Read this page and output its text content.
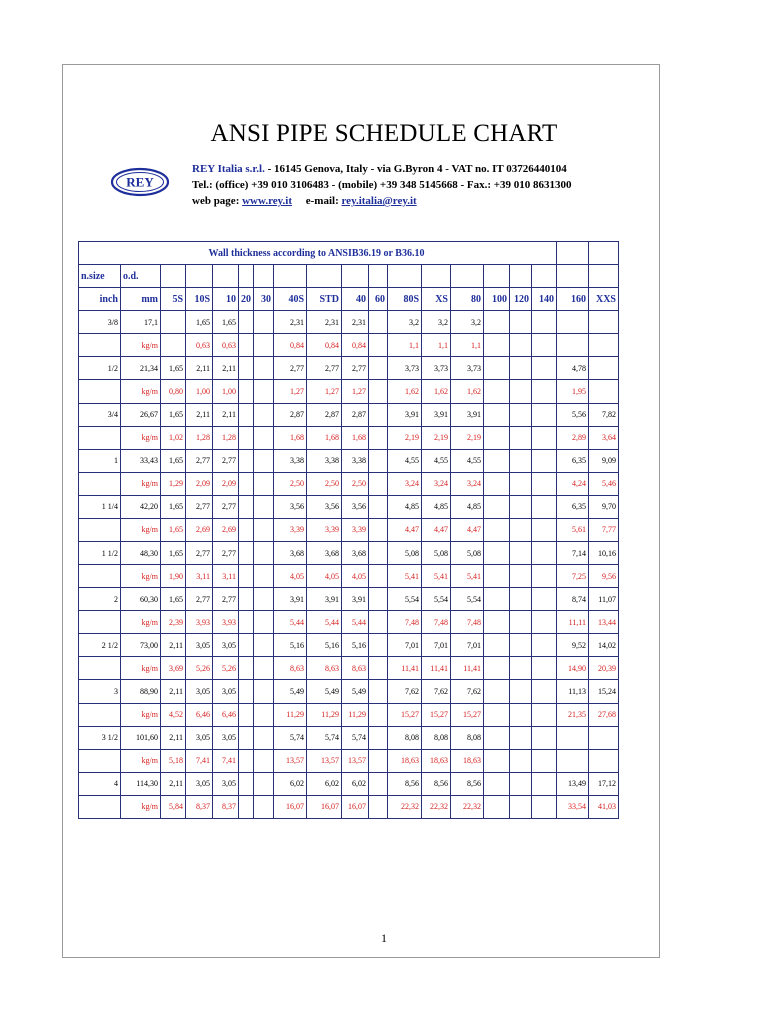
ANSI PIPE SCHEDULE CHART
REY
REY Italia s.r.l. - 16145 Genova, Italy - via G.Byron 4 - VAT no. IT 03726440104
Tel.: (office) +39 010 3106483 - (mobile) +39 348 5145668 - Fax.: +39 010 8631300
web page: www.rey.it e-mail: rey.italia@rey.it
Wall thickness according to ANSIB36.19 or B36.10																		
n.size	o.d.																	
inch	mm	5S	10S	10	20	30	40S	STD	40	60	80S	XS	80	100	120	140	160	XXS
3/8	17,1		1,65	1,65			2,31	2,31	2,31		3,2	3,2	3,2					
	kg/m		0,63	0,63			0,84	0,84	0,84		1,1	1,1	1,1					
1/2	21,34	1,65	2,11	2,11			2,77	2,77	2,77		3,73	3,73	3,73				4,78	
	kg/m	0,80	1,00	1,00			1,27	1,27	1,27		1,62	1,62	1,62				1,95	
3/4	26,67	1,65	2,11	2,11			2,87	2,87	2,87		3,91	3,91	3,91				5,56	7,82
	kg/m	1,02	1,28	1,28			1,68	1,68	1,68		2,19	2,19	2,19				2,89	3,64
1	33,43	1,65	2,77	2,77			3,38	3,38	3,38		4,55	4,55	4,55				6,35	9,09
	kg/m	1,29	2,09	2,09			2,50	2,50	2,50		3,24	3,24	3,24				4,24	5,46
1 1/4	42,20	1,65	2,77	2,77			3,56	3,56	3,56		4,85	4,85	4,85				6,35	9,70
	kg/m	1,65	2,69	2,69			3,39	3,39	3,39		4,47	4,47	4,47				5,61	7,77
1 1/2	48,30	1,65	2,77	2,77			3,68	3,68	3,68		5,08	5,08	5,08				7,14	10,16
	kg/m	1,90	3,11	3,11			4,05	4,05	4,05		5,41	5,41	5,41				7,25	9,56
2	60,30	1,65	2,77	2,77			3,91	3,91	3,91		5,54	5,54	5,54				8,74	11,07
	kg/m	2,39	3,93	3,93			5,44	5,44	5,44		7,48	7,48	7,48				11,11	13,44
2 1/2	73,00	2,11	3,05	3,05			5,16	5,16	5,16		7,01	7,01	7,01				9,52	14,02
	kg/m	3,69	5,26	5,26			8,63	8,63	8,63		11,41	11,41	11,41				14,90	20,39
3	88,90	2,11	3,05	3,05			5,49	5,49	5,49		7,62	7,62	7,62				11,13	15,24
	kg/m	4,52	6,46	6,46			11,29	11,29	11,29		15,27	15,27	15,27				21,35	27,68
3 1/2	101,60	2,11	3,05	3,05			5,74	5,74	5,74		8,08	8,08	8,08					
	kg/m	5,18	7,41	7,41			13,57	13,57	13,57		18,63	18,63	18,63					
4	114,30	2,11	3,05	3,05			6,02	6,02	6,02		8,56	8,56	8,56				13,49	17,12
	kg/m	5,84	8,37	8,37			16,07	16,07	16,07		22,32	22,32	22,32				33,54	41,03
1
